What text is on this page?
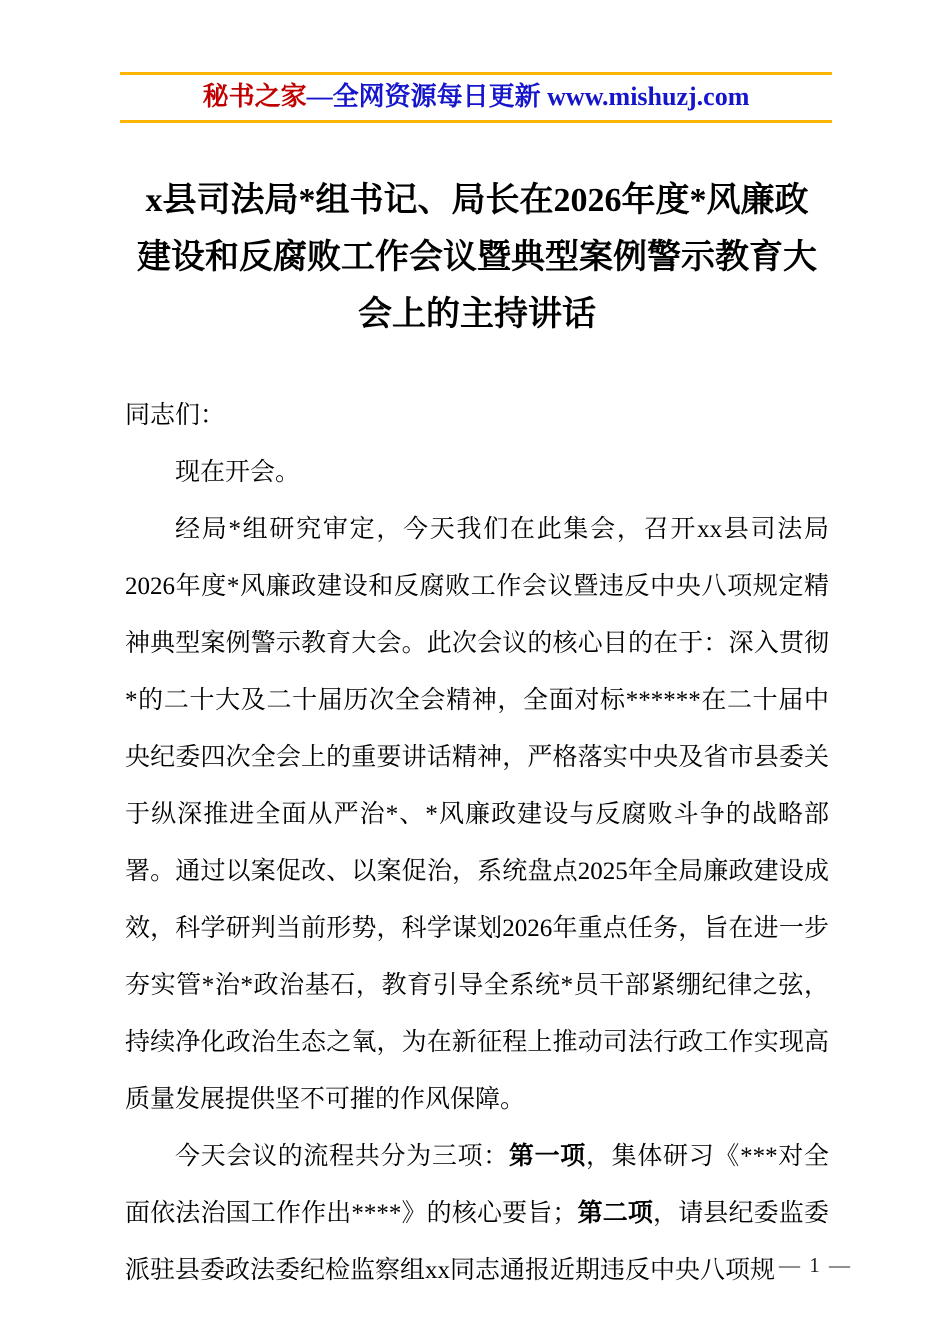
秘书之家—全网资源每日更新 www.mishuzj.com
x县司法局*组书记、局长在2026年度*风廉政建设和反腐败工作会议暨典型案例警示教育大会上的主持讲话

同志们：

现在开会。

经局*组研究审定，今天我们在此集会，召开xx县司法局2026年度*风廉政建设和反腐败工作会议暨违反中央八项规定精神典型案例警示教育大会。此次会议的核心目的在于：深入贯彻*的二十大及二十届历次全会精神，全面对标******在二十届中央纪委四次全会上的重要讲话精神，严格落实中央及省市县委关于纵深推进全面从严治*、*风廉政建设与反腐败斗争的战略部署。通过以案促改、以案促治，系统盘点2025年全局廉政建设成效，科学研判当前形势，科学谋划2026年重点任务，旨在进一步夯实管*治*政治基石，教育引导全系统*员干部紧绷纪律之弦，持续净化政治生态之氧，为在新征程上推动司法行政工作实现高质量发展提供坚不可摧的作风保障。

今天会议的流程共分为三项：第一项，集体研习《***对全面依法治国工作作出****》的核心要旨；第二项，请县纪委监委派驻县委政法委纪检监察组xx同志通报近期违反中央八项规 — 1 —
